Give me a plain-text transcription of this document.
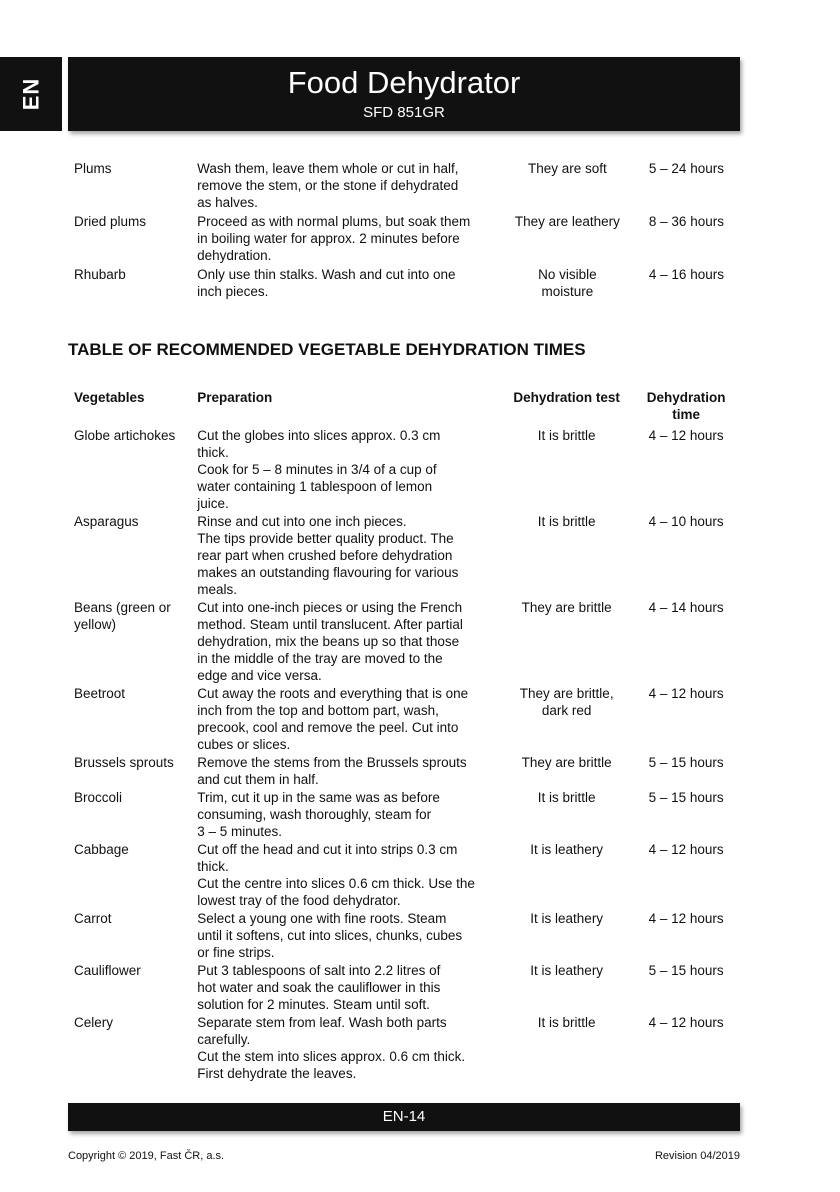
EN	Food Dehydrator
SFD 851GR
Plums	Wash them, leave them whole or cut in half,
remove the stem, or the stone if dehydrated
as halves.	They are soft	5 – 24 hours
Dried plums	Proceed as with normal plums, but soak them
in boiling water for approx. 2 minutes before
dehydration.	They are leathery	8 – 36 hours
Rhubarb	Only use thin stalks. Wash and cut into one
inch pieces.	No visible
moisture	4 – 16 hours
TABLE OF RECOMMENDED VEGETABLE DEHYDRATION TIMES
Vegetables	Preparation	Dehydration test	Dehydration
time
Globe artichokes	Cut the globes into slices approx. 0.3 cm
thick.
Cook for 5 – 8 minutes in 3/4 of a cup of
water containing 1 tablespoon of lemon
juice.	It is brittle	4 – 12 hours
Asparagus	Rinse and cut into one inch pieces.
The tips provide better quality product. The
rear part when crushed before dehydration
makes an outstanding flavouring for various
meals.	It is brittle	4 – 10 hours
Beans (green or
yellow)	Cut into one-inch pieces or using the French
method. Steam until translucent. After partial
dehydration, mix the beans up so that those
in the middle of the tray are moved to the
edge and vice versa.	They are brittle	4 – 14 hours
Beetroot	Cut away the roots and everything that is one
inch from the top and bottom part, wash,
precook, cool and remove the peel. Cut into
cubes or slices.	They are brittle,
dark red	4 – 12 hours
Brussels sprouts	Remove the stems from the Brussels sprouts
and cut them in half.	They are brittle	5 – 15 hours
Broccoli	Trim, cut it up in the same was as before
consuming, wash thoroughly, steam for
3 – 5 minutes.	It is brittle	5 – 15 hours
Cabbage	Cut off the head and cut it into strips 0.3 cm
thick.
Cut the centre into slices 0.6 cm thick. Use the
lowest tray of the food dehydrator.	It is leathery	4 – 12 hours
Carrot	Select a young one with fine roots. Steam
until it softens, cut into slices, chunks, cubes
or fine strips.	It is leathery	4 – 12 hours
Cauliflower	Put 3 tablespoons of salt into 2.2 litres of
hot water and soak the cauliflower in this
solution for 2 minutes. Steam until soft.	It is leathery	5 – 15 hours
Celery	Separate stem from leaf. Wash both parts
carefully.
Cut the stem into slices approx. 0.6 cm thick.
First dehydrate the leaves.	It is brittle	4 – 12 hours
EN-14
Copyright © 2019, Fast ČR, a.s.	Revision 04/2019
